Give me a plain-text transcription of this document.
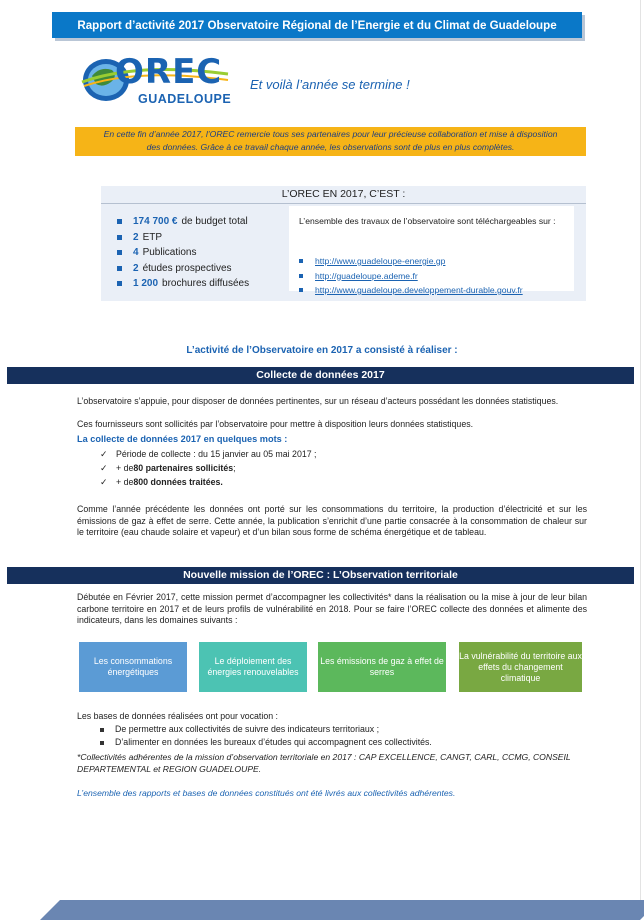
Rapport d’activité 2017 Observatoire Régional de l’Energie et du Climat de Guadeloupe
OREC
GUADELOUPE
Et voilà l’année se termine !
En cette fin d’année 2017, l’OREC remercie tous ses partenaires pour leur précieuse collaboration et mise à disposition
des données. Grâce à ce travail chaque année, les observations sont de plus en plus complètes.
L’OREC EN 2017, C’EST :
174 700 € de budget total
2 ETP
4 Publications
2 études prospectives
1 200 brochures diffusées
L’ensemble des travaux de l’observatoire sont téléchargeables sur :
http://www.guadeloupe-energie.gp
http://guadeloupe.ademe.fr
http://www.guadeloupe.developpement-durable.gouv.fr
L’activité de l’Observatoire en 2017 a consisté à réaliser :
Collecte de données 2017
L’observatoire s’appuie, pour disposer de données pertinentes, sur un réseau d’acteurs possédant les données statistiques.
Ces fournisseurs sont sollicités par l’observatoire pour mettre à disposition leurs données statistiques.
La collecte de données 2017 en quelques mots :
✓ Période de collecte : du 15 janvier au 05 mai 2017 ;
✓ + de 80 partenaires sollicités ;
✓ + de 800 données traitées.
Comme l’année précédente les données ont porté sur les consommations du territoire, la production d’électricité et sur les émissions de gaz à effet de serre. Cette année, la publication s’enrichit d’une partie consacrée à la consommation de chaleur sur le territoire (eau chaude solaire et vapeur) et d’un bilan sous forme de schéma énergétique et de tableau.
Nouvelle mission de l’OREC : L’Observation territoriale
Débutée en Février 2017, cette mission permet d’accompagner les collectivités* dans la réalisation ou la mise à jour de leur bilan carbone territoire en 2017 et de leurs profils de vulnérabilité en 2018. Pour se faire l’OREC collecte des données et alimente des indicateurs, dans les domaines suivants :
Les consommations énergétiques
Le déploiement des énergies renouvelables
Les émissions de gaz à effet de serres
La vulnérabilité du territoire aux effets du changement climatique
Les bases de données réalisées ont pour vocation :
De permettre aux collectivités de suivre des indicateurs territoriaux ;
D’alimenter en données les bureaux d’études qui accompagnent ces collectivités.
*Collectivités adhérentes de la mission d’observation territoriale en 2017 : CAP EXCELLENCE, CANGT, CARL, CCMG, CONSEIL DEPARTEMENTAL et REGION GUADELOUPE.
L’ensemble des rapports et bases de données constitués ont été livrés aux collectivités adhérentes.
